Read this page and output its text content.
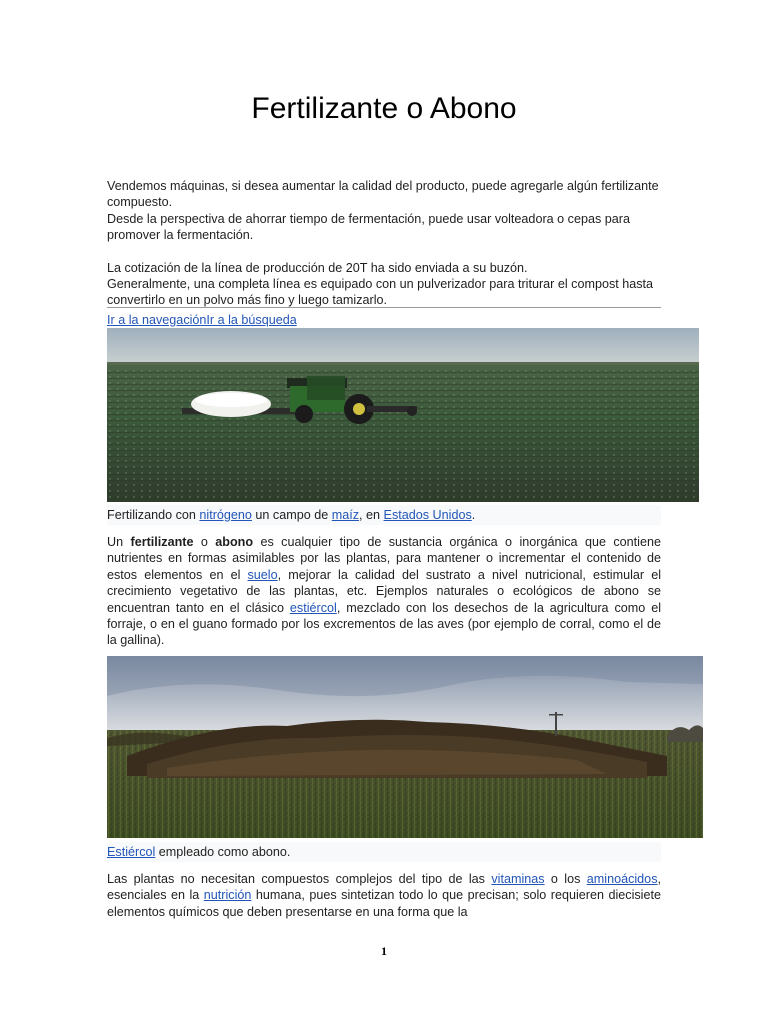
Fertilizante o Abono

Vendemos máquinas, si desea aumentar la calidad del producto, puede agregarle algún fertilizante compuesto.

Desde la perspectiva de ahorrar tiempo de fermentación, puede usar volteadora o cepas para promover la fermentación.

La cotización de la línea de producción de 20T ha sido enviada a su buzón.

Generalmente, una completa línea es equipado con un pulverizador para triturar el compost hasta convertirlo en un polvo más fino y luego tamizarlo.

Ir a la navegaciónIr a la búsqueda
Fertilizando con nitrógeno un campo de maíz, en Estados Unidos.
Un fertilizante o abono es cualquier tipo de sustancia orgánica o inorgánica que contiene nutrientes en formas asimilables por las plantas, para mantener o incrementar el contenido de estos elementos en el suelo, mejorar la calidad del sustrato a nivel nutricional, estimular el crecimiento vegetativo de las plantas, etc. Ejemplos naturales o ecológicos de abono se encuentran tanto en el clásico estiércol, mezclado con los desechos de la agricultura como el forraje, o en el guano formado por los excrementos de las aves (por ejemplo de corral, como el de la gallina).
Estiércol empleado como abono.
Las plantas no necesitan compuestos complejos del tipo de las vitaminas o los aminoácidos, esenciales en la nutrición humana, pues sintetizan todo lo que precisan; solo requieren diecisiete elementos químicos que deben presentarse en una forma que la
1
